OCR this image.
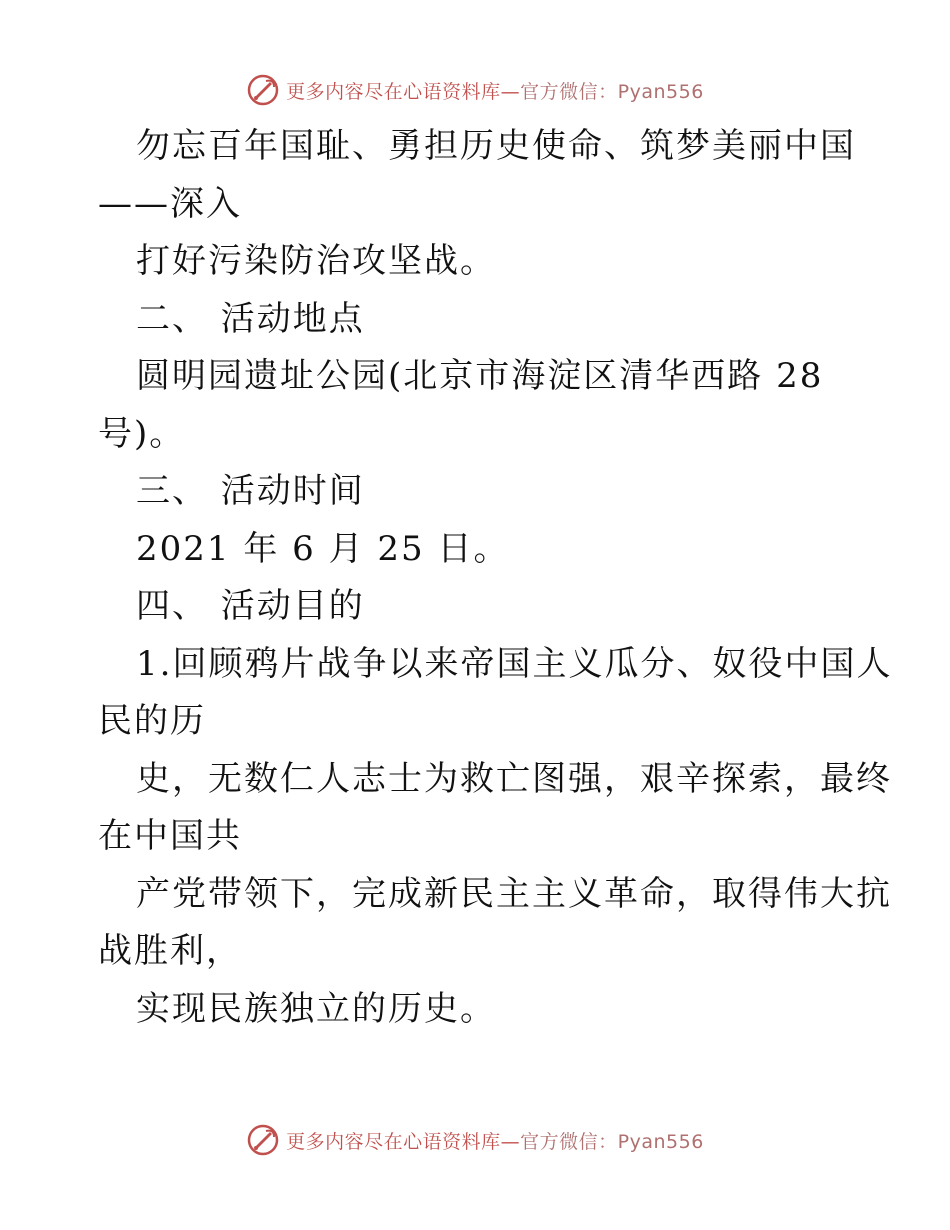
更多内容尽在心语资料库—官方微信：Pyan556
勿忘百年国耻、勇担历史使命、筑梦美丽中国
——深入
打好污染防治攻坚战。
二、 活动地点
圆明园遗址公园(北京市海淀区清华西路 28
号)。
三、 活动时间
2021 年 6 月 25 日。
四、 活动目的
1.回顾鸦片战争以来帝国主义瓜分、奴役中国人
民的历
史，无数仁人志士为救亡图强，艰辛探索，最终
在中国共
产党带领下，完成新民主主义革命，取得伟大抗
战胜利，
实现民族独立的历史。
更多内容尽在心语资料库—官方微信：Pyan556
